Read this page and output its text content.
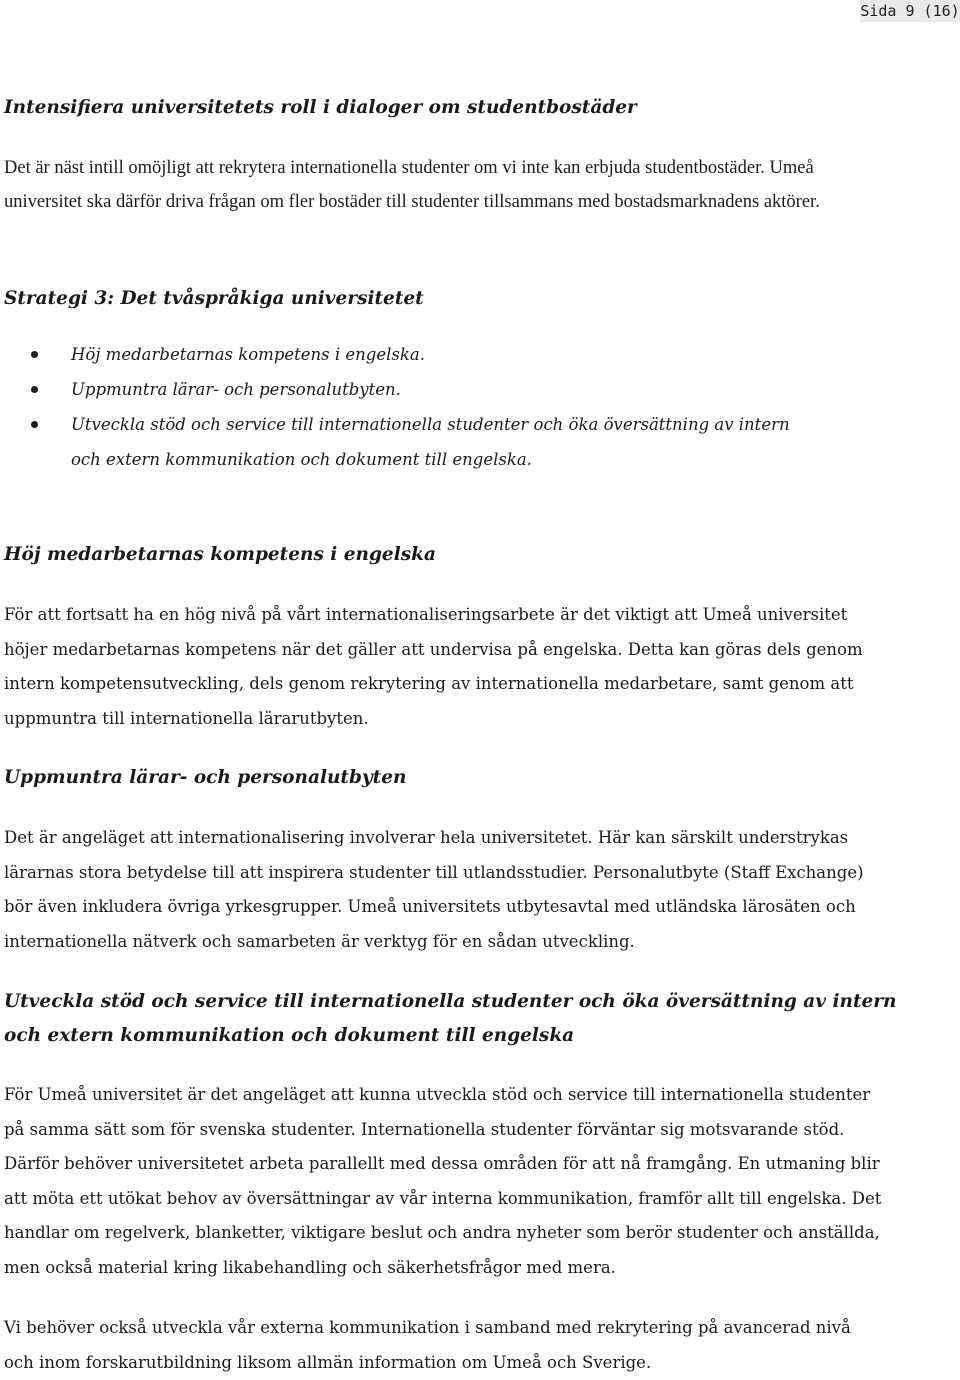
Sida 9 (16)
Intensifiera universitetets roll i dialoger om studentbostäder

Det är näst intill omöjligt att rekrytera internationella studenter om vi inte kan erbjuda studentbostäder. Umeå universitet ska därför driva frågan om fler bostäder till studenter tillsammans med bostadsmarknadens aktörer.

Strategi 3: Det tvåspråkiga universitetet
Höj medarbetarnas kompetens i engelska.
Uppmuntra lärar- och personalutbyten.
Utveckla stöd och service till internationella studenter och öka översättning av intern och extern kommunikation och dokument till engelska.
Höj medarbetarnas kompetens i engelska

För att fortsatt ha en hög nivå på vårt internationaliseringsarbete är det viktigt att Umeå universitet höjer medarbetarnas kompetens när det gäller att undervisa på engelska. Detta kan göras dels genom intern kompetensutveckling, dels genom rekrytering av internationella medarbetare, samt genom att uppmuntra till internationella lärarutbyten.

Uppmuntra lärar- och personalutbyten

Det är angeläget att internationalisering involverar hela universitetet. Här kan särskilt understrykas lärarnas stora betydelse till att inspirera studenter till utlandsstudier. Personalutbyte (Staff Exchange) bör även inkludera övriga yrkesgrupper. Umeå universitets utbytesavtal med utländska lärosäten och internationella nätverk och samarbeten är verktyg för en sådan utveckling.

Utveckla stöd och service till internationella studenter och öka översättning av intern
och extern kommunikation och dokument till engelska

För Umeå universitet är det angeläget att kunna utveckla stöd och service till internationella studenter på samma sätt som för svenska studenter. Internationella studenter förväntar sig motsvarande stöd. Därför behöver universitetet arbeta parallellt med dessa områden för att nå framgång. En utmaning blir att möta ett utökat behov av översättningar av vår interna kommunikation, framför allt till engelska. Det handlar om regelverk, blanketter, viktigare beslut och andra nyheter som berör studenter och anställda, men också material kring likabehandling och säkerhetsfrågor med mera.

Vi behöver också utveckla vår externa kommunikation i samband med rekrytering på avancerad nivå och inom forskarutbildning liksom allmän information om Umeå och Sverige.
